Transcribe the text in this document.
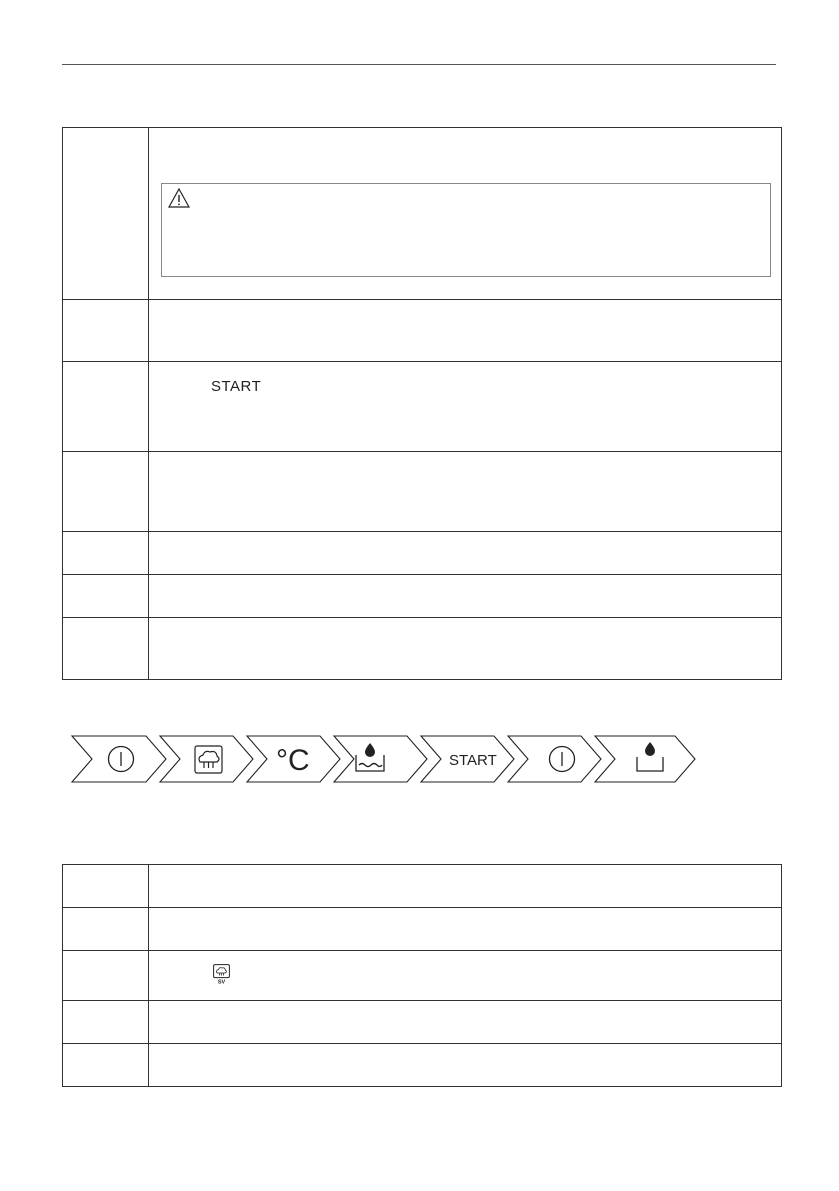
START
°C	START

SV
